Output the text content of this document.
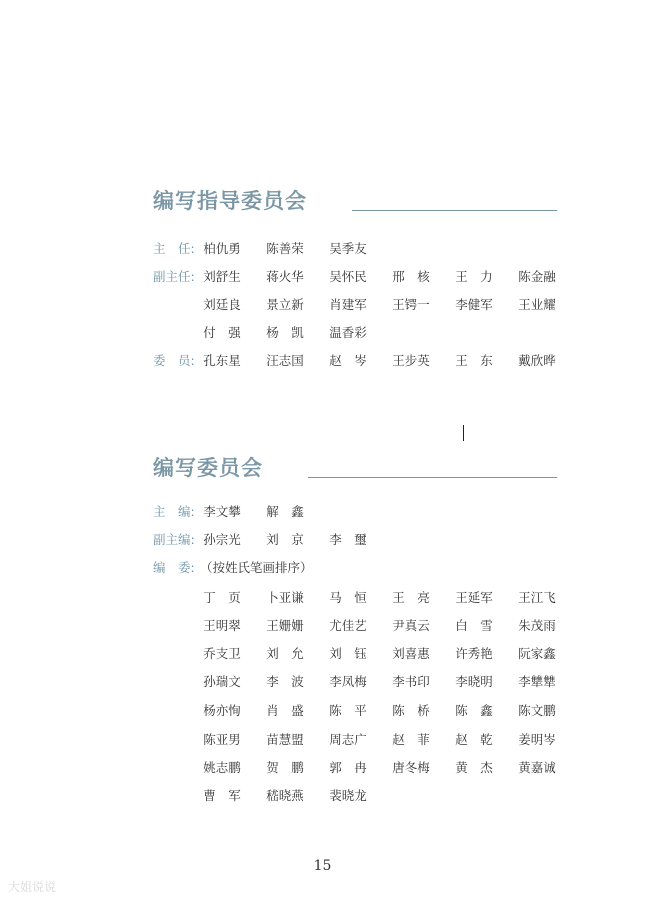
编写指导委员会
主　任: 柏仇勇	陈善荣	吴季友
副主任: 刘舒生	蒋火华	吴怀民	邢　核	王　力	陈金融
刘廷良	景立新	肖建军	王锷一	李健军	王业耀
付　强	杨　凯	温香彩
委　员: 孔东星	汪志国	赵　岑	王步英	王　东	戴欣晔
编写委员会
主　编: 李文攀	解　鑫
副主编: 孙宗光	刘　京	李　璽
编　委: （按姓氏笔画排序）
丁　页	卜亚谦	马　恒	王　亮	王延军	王江飞
王明翠	王姗姗	尤佳艺	尹真云	白　雪	朱茂雨
乔支卫	刘　允	刘　钰	刘喜惠	许秀艳	阮家鑫
孙瑞文	李　波	李凤梅	李书印	李晓明	李犨犨
杨亦恂	肖　盛	陈　平	陈　桥	陈　鑫	陈文鹏
陈亚男	苗慧盟	周志广	赵　菲	赵　乾	姜明岑
姚志鹏	贺　鹏	郭　冉	唐冬梅	黄　杰	黄嘉诚
曹　军	嵇晓燕	裴晓龙
15
大姐说说
